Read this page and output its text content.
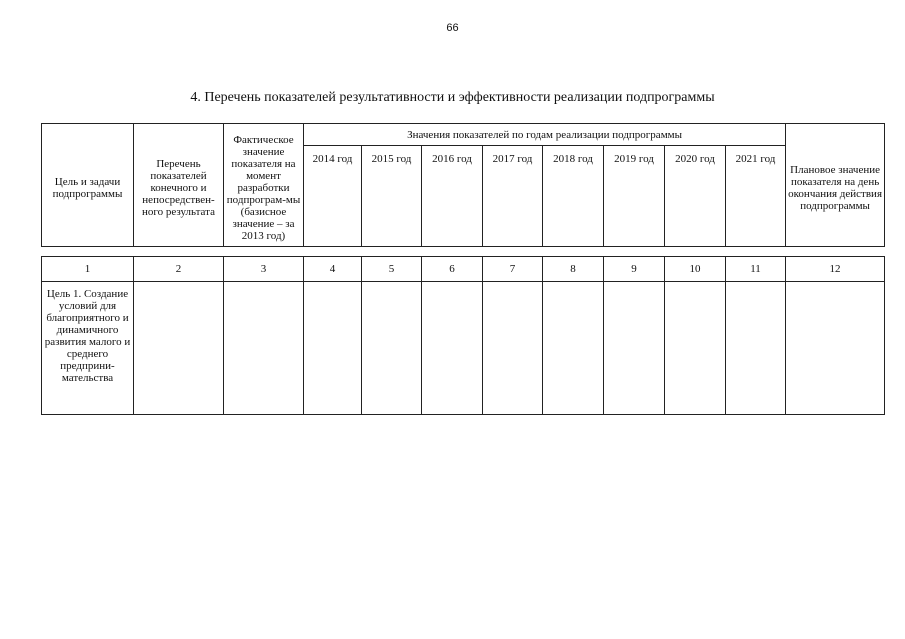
66
4. Перечень показателей результативности и эффективности реализации подпрограммы
Цель и задачи подпрограммы	Перечень показателей конечного и непосредствен-ного результата	Фактическое значение показателя на момент разработки подпрограм-мы (базисное значение – за 2013 год)	Значения показателей по годам реализации подпрограммы								Плановое значение показателя на день окончания действия подпрограммы
			2014 год	2015 год	2016 год	2017 год	2018 год	2019 год	2020 год	2021 год	
1	2	3	4	5	6	7	8	9	10	11	12
Цель 1. Создание условий для благоприятного и динамичного развития малого и среднего предприни-мательства											
